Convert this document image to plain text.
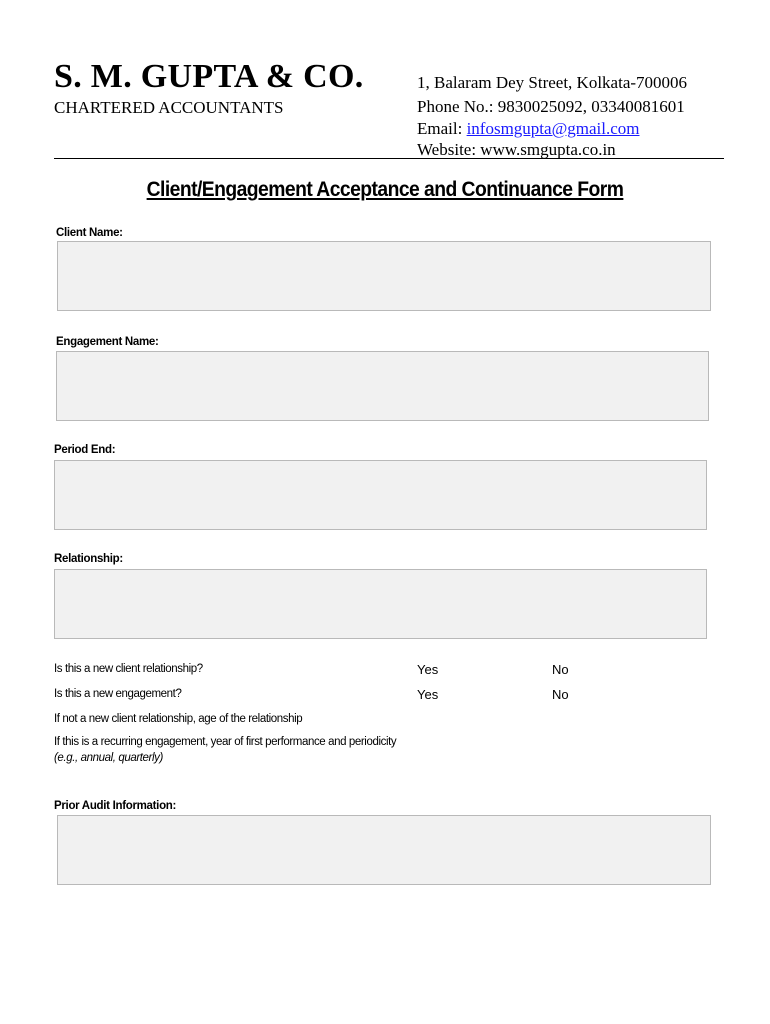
S. M. GUPTA & CO.
CHARTERED ACCOUNTANTS
1, Balaram Dey Street, Kolkata-700006
Phone No.: 9830025092, 03340081601
Email: infosmgupta@gmail.com
Website: www.smgupta.co.in
Client/Engagement Acceptance and Continuance Form
Client Name:
Engagement Name:
Period End:
Relationship:
Is this a new client relationship?	Yes	No
Is this a new engagement?	Yes	No
If not a new client relationship, age of the relationship
If this is a recurring engagement, year of first performance and periodicity
(e.g., annual, quarterly)
Prior Audit Information:
